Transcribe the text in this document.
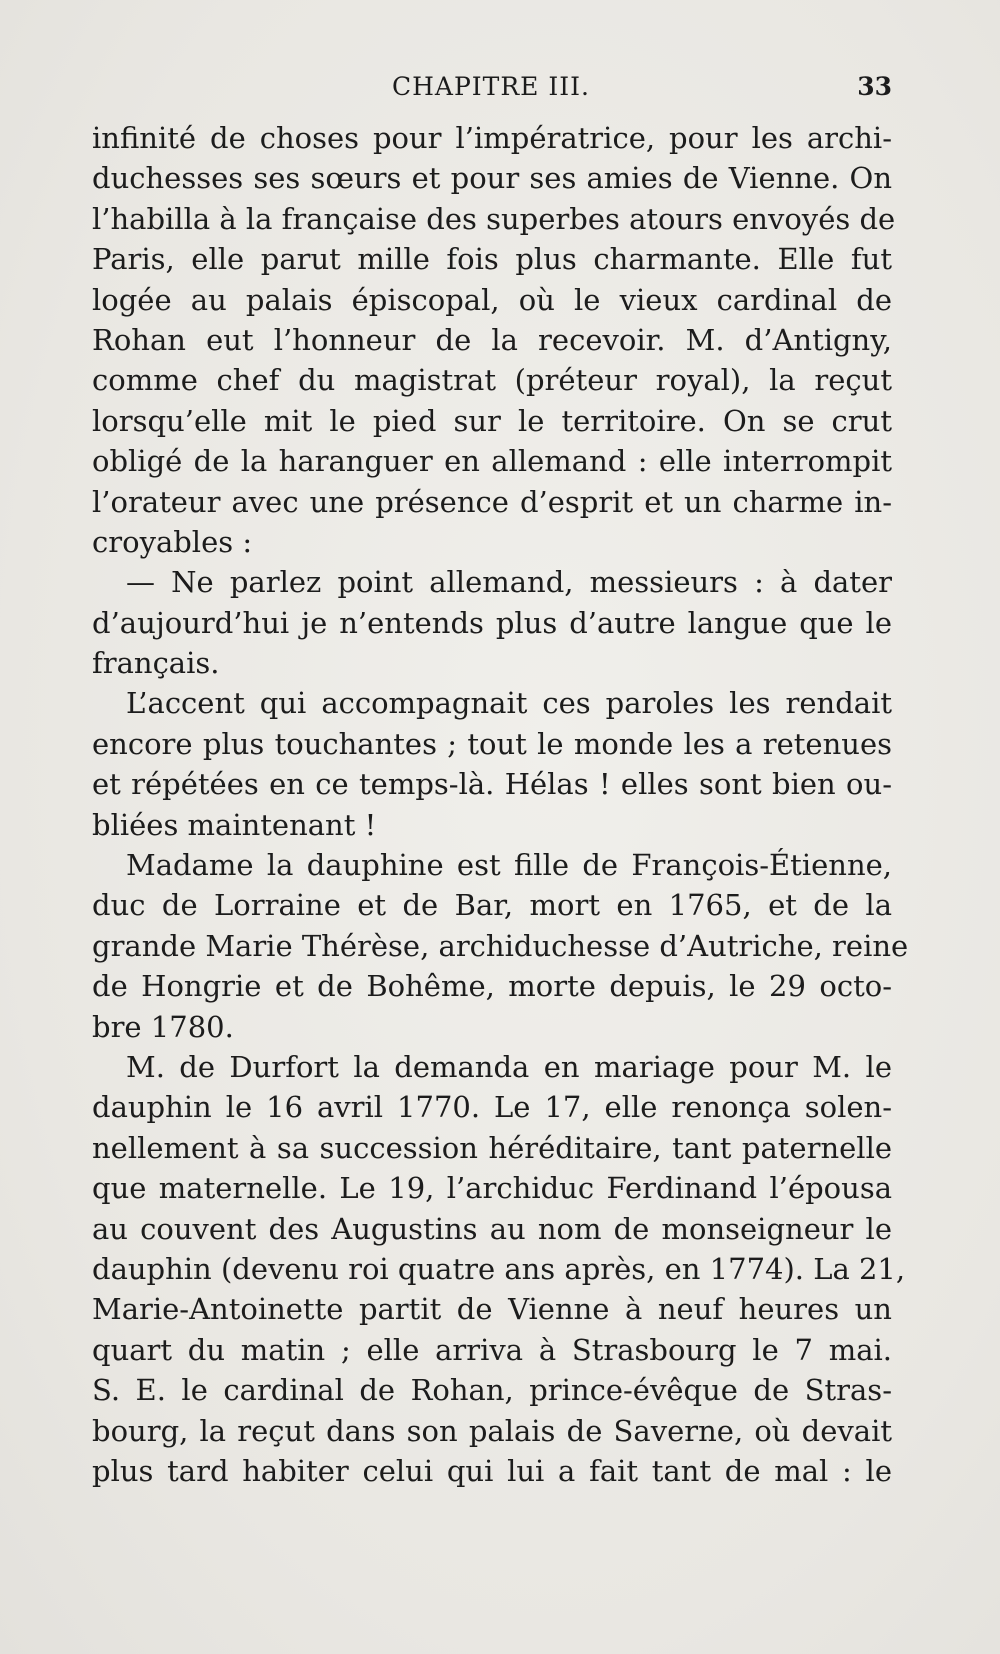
CHAPITRE III.	33
infinité de choses pour l’impératrice, pour les archi-
duchesses ses sœurs et pour ses amies de Vienne. On
l’habilla à la française des superbes atours envoyés de
Paris, elle parut mille fois plus charmante. Elle fut
logée au palais épiscopal, où le vieux cardinal de
Rohan eut l’honneur de la recevoir. M. d’Antigny,
comme chef du magistrat (préteur royal), la reçut
lorsqu’elle mit le pied sur le territoire. On se crut
obligé de la haranguer en allemand : elle interrompit
l’orateur avec une présence d’esprit et un charme in-
croyables :
— Ne parlez point allemand, messieurs : à dater
d’aujourd’hui je n’entends plus d’autre langue que le
français.
L’accent qui accompagnait ces paroles les rendait
encore plus touchantes ; tout le monde les a retenues
et répétées en ce temps-là. Hélas ! elles sont bien ou-
bliées maintenant !
Madame la dauphine est fille de François-Étienne,
duc de Lorraine et de Bar, mort en 1765, et de la
grande Marie Thérèse, archiduchesse d’Autriche, reine
de Hongrie et de Bohême, morte depuis, le 29 octo-
bre 1780.
M. de Durfort la demanda en mariage pour M. le
dauphin le 16 avril 1770. Le 17, elle renonça solen-
nellement à sa succession héréditaire, tant paternelle
que maternelle. Le 19, l’archiduc Ferdinand l’épousa
au couvent des Augustins au nom de monseigneur le
dauphin (devenu roi quatre ans après, en 1774). La 21,
Marie-Antoinette partit de Vienne à neuf heures un
quart du matin ; elle arriva à Strasbourg le 7 mai.
S. E. le cardinal de Rohan, prince-évêque de Stras-
bourg, la reçut dans son palais de Saverne, où devait
plus tard habiter celui qui lui a fait tant de mal : le
